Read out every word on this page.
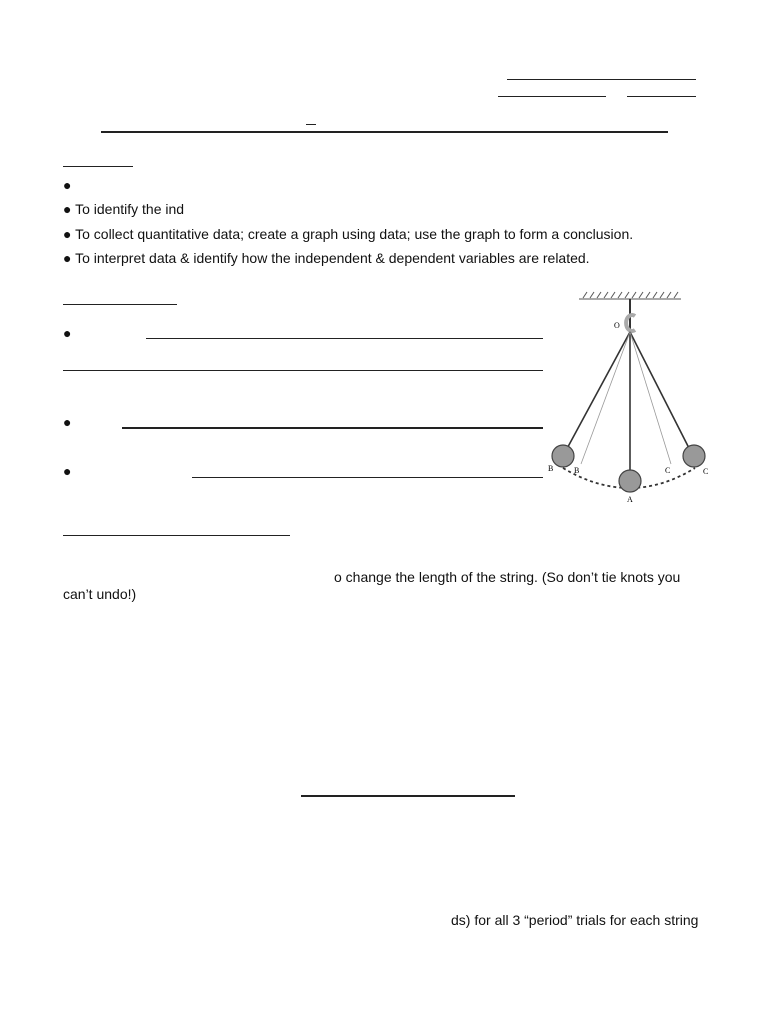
●
● To identify the ind
● To collect quantitative data; create a graph using data; use the graph to form a conclusion.
● To interpret data & identify how the independent & dependent variables are related.
●
●
●
O
B	B
A
C	C
o change the length of the string. (So don’t tie knots you
can’t undo!)
ds) for all 3 “period” trials for each string
